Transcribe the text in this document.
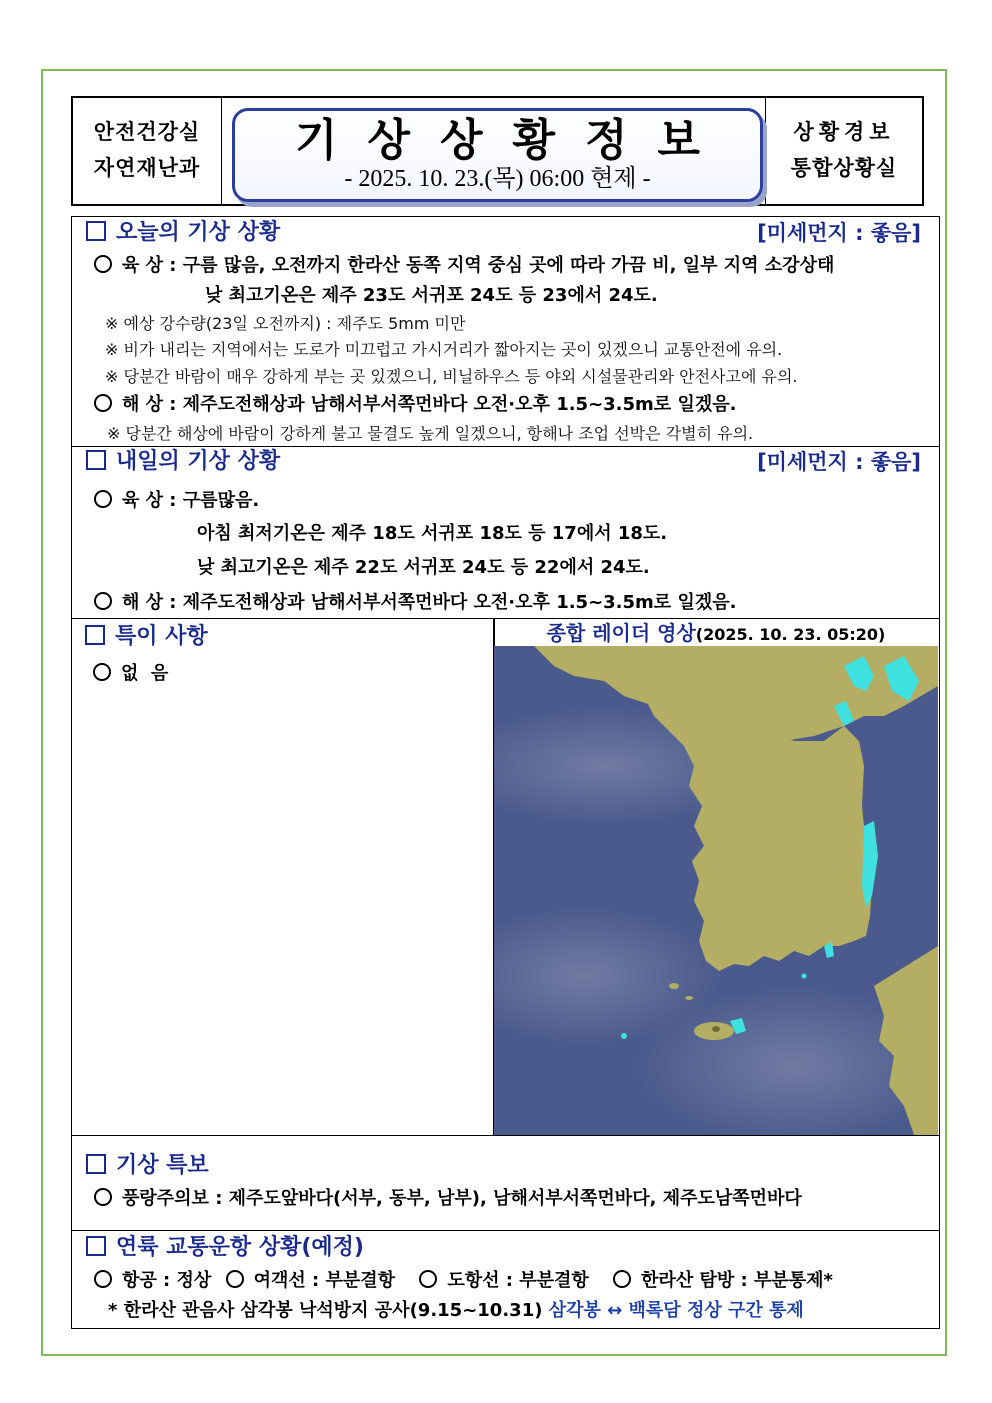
안전건강실
자연재난과
기상상황정보
- 2025. 10. 23.(목) 06:00 현제 -
상황경보
통합상황실
오늘의 기상 상황	[미세먼지 : 좋음]
육 상 : 구름 많음, 오전까지 한라산 동쪽 지역 중심 곳에 따라 가끔 비, 일부 지역 소강상태
낮 최고기온은 제주 23도 서귀포 24도 등 23에서 24도.
※ 예상 강수량(23일 오전까지) : 제주도 5mm 미만
※ 비가 내리는 지역에서는 도로가 미끄럽고 가시거리가 짧아지는 곳이 있겠으니 교통안전에 유의.
※ 당분간 바람이 매우 강하게 부는 곳 있겠으니, 비닐하우스 등 야외 시설물관리와 안전사고에 유의.
해 상 : 제주도전해상과 남해서부서쪽먼바다 오전·오후 1.5~3.5m로 일겠음.
※ 당분간 해상에 바람이 강하게 불고 물결도 높게 일겠으니, 항해나 조업 선박은 각별히 유의.
내일의 기상 상황	[미세먼지 : 좋음]
육 상 : 구름많음.
아침 최저기온은 제주 18도 서귀포 18도 등 17에서 18도.
낮 최고기온은 제주 22도 서귀포 24도 등 22에서 24도.
해 상 : 제주도전해상과 남해서부서쪽먼바다 오전·오후 1.5~3.5m로 일겠음.
특이 사항
없  음
종합 레이더 영상(2025. 10. 23. 05:20)
기상 특보
풍랑주의보 : 제주도앞바다(서부, 동부, 남부), 남해서부서쪽먼바다, 제주도남쪽먼바다
연륙 교통운항 상황(예정)
항공 : 정상 여객선 : 부분결항	도항선 : 부분결항	한라산 탐방 : 부분통제*
* 한라산 관음사 삼각봉 낙석방지 공사(9.15~10.31) 삼각봉 ↔ 백록담 정상 구간 통제
